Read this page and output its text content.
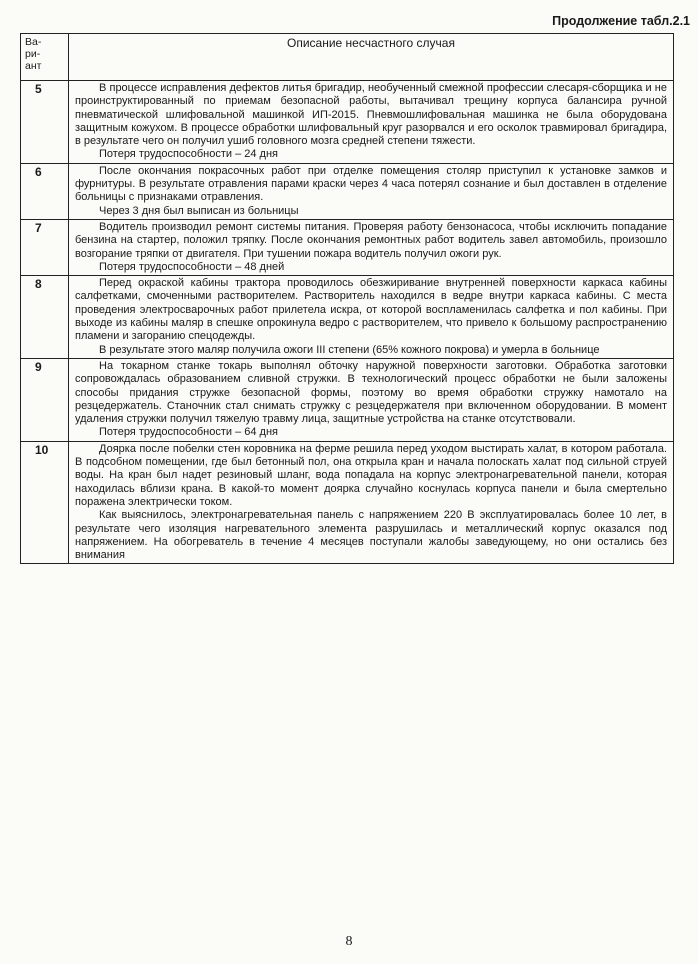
Продолжение табл.2.1
Ва-
ри-
ант	Описание несчастного случая
5	В процессе исправления дефектов литья бригадир, необученный смежной профессии слесаря-сборщика и не проинструктированный по приемам безопасной работы, вытачивал трещину корпуса балансира ручной пневматической шлифовальной машинкой ИП-2015. Пневмошлифовальная машинка не была оборудована защитным кожухом. В процессе обработки шлифовальный круг разорвался и его осколок травмировал бригадира, в результате чего он получил ушиб головного мозга средней степени тяжести.

Потеря трудоспособности – 24 дня

6	После окончания покрасочных работ при отделке помещения столяр приступил к установке замков и фурнитуры. В результате отравления парами краски через 4 часа потерял сознание и был доставлен в отделение больницы с признаками отравления.

Через 3 дня был выписан из больницы

7	Водитель производил ремонт системы питания. Проверяя работу бензонасоса, чтобы исключить попадание бензина на стартер, положил тряпку. После окончания ремонтных работ водитель завел автомобиль, произошло возгорание тряпки от двигателя. При тушении пожара водитель получил ожоги рук.

Потеря трудоспособности – 48 дней

8	Перед окраской кабины трактора проводилось обезжиривание внутренней поверхности каркаса кабины салфетками, смоченными растворителем. Растворитель находился в ведре внутри каркаса кабины. С места проведения электросварочных работ прилетела искра, от которой воспламенилась салфетка и пол кабины. При выходе из кабины маляр в спешке опрокинула ведро с растворителем, что привело к большому распространению пламени и загоранию спецодежды.

В результате этого маляр получила ожоги III степени (65% кожного покрова) и умерла в больнице

9	На токарном станке токарь выполнял обточку наружной поверхности заготовки. Обработка заготовки сопровождалась образованием сливной стружки. В технологический процесс обработки не были заложены способы придания стружке безопасной формы, поэтому во время обработки стружку намотало на резцедержатель. Станочник стал снимать стружку с резцедержателя при включенном оборудовании. В момент удаления стружки получил тяжелую травму лица, защитные устройства на станке отсутствовали.

Потеря трудоспособности – 64 дня

10	Доярка после побелки стен коровника на ферме решила перед уходом выстирать халат, в котором работала. В подсобном помещении, где был бетонный пол, она открыла кран и начала полоскать халат под сильной струей воды. На кран был надет резиновый шланг, вода попадала на корпус электронагревательной панели, которая находилась вблизи крана. В какой-то момент доярка случайно коснулась корпуса панели и была смертельно поражена электрически током.

Как выяснилось, электронагревательная панель с напряжением 220 В эксплуатировалась более 10 лет, в результате чего изоляция нагревательного элемента разрушилась и металлический корпус оказался под напряжением. На обогреватель в течение 4 месяцев поступали жалобы заведующему, но они остались без внимания

8
